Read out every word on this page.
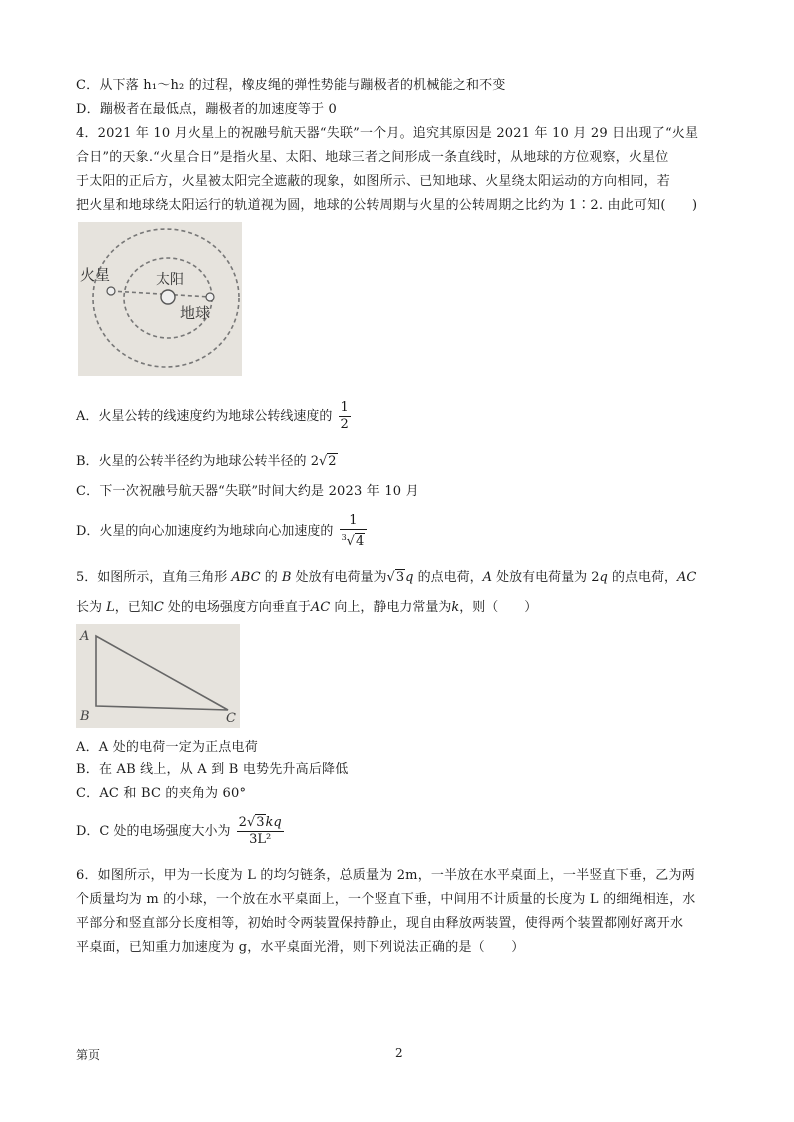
C．从下落 h₁～h₂ 的过程，橡皮绳的弹性势能与蹦极者的机械能之和不变
D．蹦极者在最低点，蹦极者的加速度等于 0
4．2021 年 10 月火星上的祝融号航天器“失联”一个月。追究其原因是 2021 年 10 月 29 日出现了“火星
合日”的天象.“火星合日”是指火星、太阳、地球三者之间形成一条直线时，从地球的方位观察，火星位
于太阳的正后方，火星被太阳完全遮蔽的现象，如图所示、已知地球、火星绕太阳运动的方向相同，若
把火星和地球绕太阳运行的轨道视为圆，地球的公转周期与火星的公转周期之比约为 1∶2. 由此可知(　　)
火星	太阳
地球
A．火星公转的线速度约为地球公转线速度的 $\frac{1}{2}$
B．火星的公转半径约为地球公转半径的 2√2
C．下一次祝融号航天器“失联”时间大约是 2023 年 10 月
D．火星的向心加速度约为地球向心加速度的 $\frac{1}{^3√4}$
5．如图所示，直角三角形 ABC 的 B 处放有电荷量为√3q 的点电荷，A 处放有电荷量为 2q 的点电荷，AC
长为 L，已知C 处的电场强度方向垂直于AC 向上，静电力常量为k，则（　　）
A
B	C
A．A 处的电荷一定为正点电荷
B．在 AB 线上，从 A 到 B 电势先升高后降低
C．AC 和 BC 的夹角为 60°
D．C 处的电场强度大小为 $\frac{2√3kq}{\text{3L²}}$
6．如图所示，甲为一长度为 L 的均匀链条，总质量为 2m，一半放在水平桌面上，一半竖直下垂，乙为两
个质量均为 m 的小球，一个放在水平桌面上，一个竖直下垂，中间用不计质量的长度为 L 的细绳相连，水
平部分和竖直部分长度相等，初始时令两装置保持静止，现自由释放两装置，使得两个装置都刚好离开水
平桌面，已知重力加速度为 g，水平桌面光滑，则下列说法正确的是（　　）
第页	2
